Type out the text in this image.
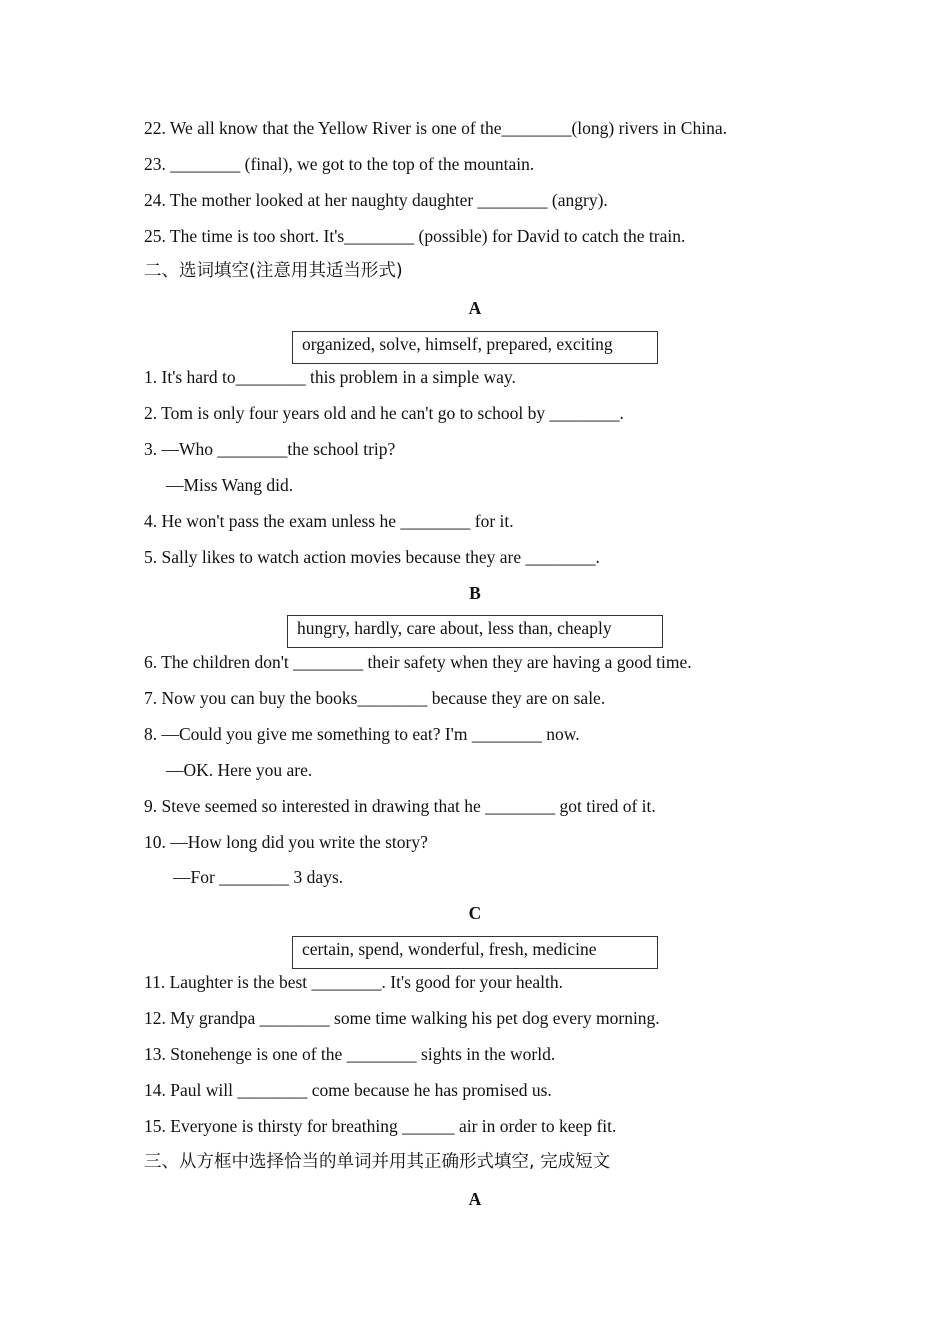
22. We all know that the Yellow River is one of the________(long) rivers in China.
23. ________ (final), we got to the top of the mountain.
24. The mother looked at her naughty daughter ________ (angry).
25. The time is too short. It's________ (possible) for David to catch the train.
二、选词填空(注意用其适当形式)
A
organized, solve, himself, prepared, exciting
1. It's hard to________ this problem in a simple way.
2. Tom is only four years old and he can't go to school by ________.
3. —Who ________the school trip?
—Miss Wang did.
4. He won't pass the exam unless he ________ for it.
5. Sally likes to watch action movies because they are ________.
B
hungry, hardly, care about, less than, cheaply
6. The children don't ________ their safety when they are having a good time.
7. Now you can buy the books________ because they are on sale.
8. —Could you give me something to eat? I'm ________ now.
—OK. Here you are.
9. Steve seemed so interested in drawing that he ________ got tired of it.
10. —How long did you write the story?
—For ________ 3 days.
C
certain, spend, wonderful, fresh, medicine
11. Laughter is the best ________. It's good for your health.
12. My grandpa ________ some time walking his pet dog every morning.
13. Stonehenge is one of the ________ sights in the world.
14. Paul will ________ come because he has promised us.
15. Everyone is thirsty for breathing ______ air in order to keep fit.
三、从方框中选择恰当的单词并用其正确形式填空, 完成短文
A
